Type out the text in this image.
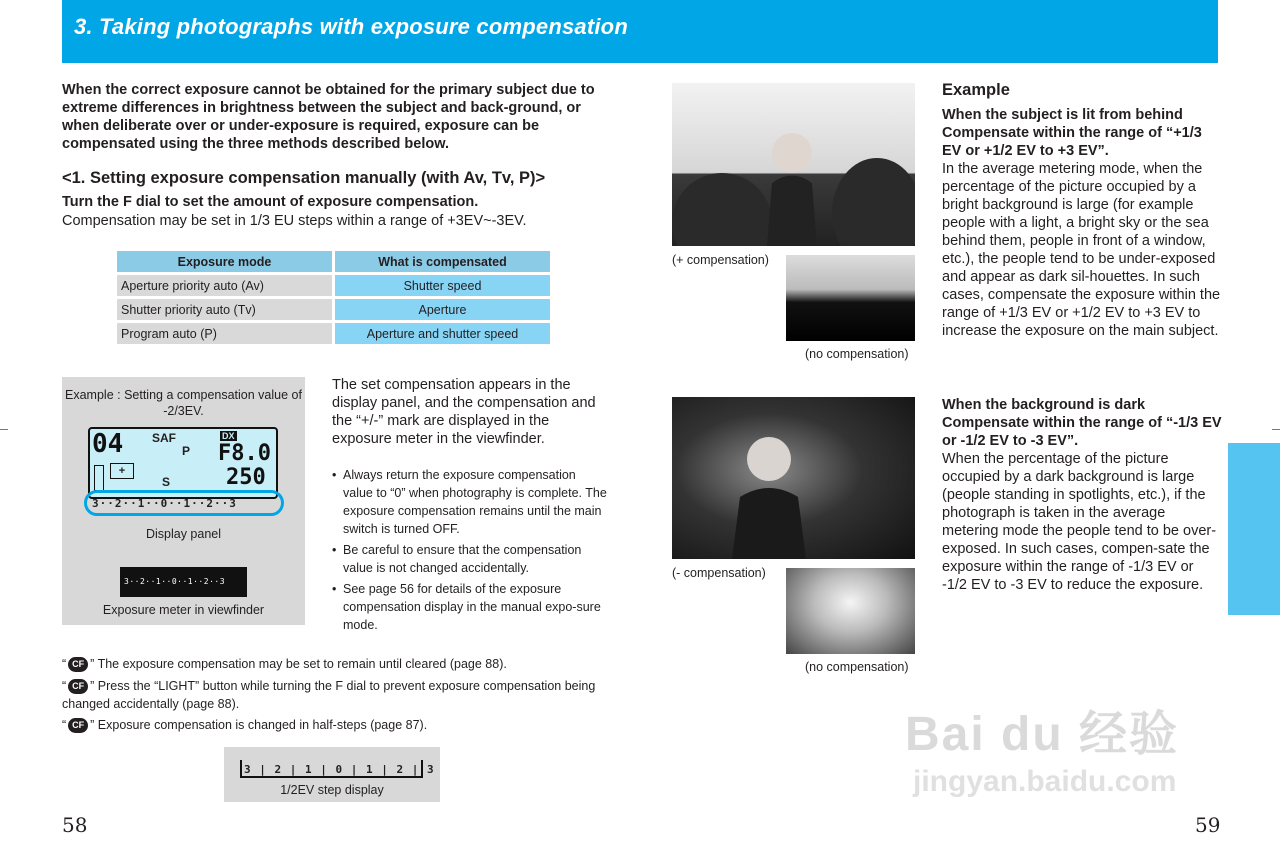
3. Taking photographs with exposure compensation
When the correct exposure cannot be obtained for the primary subject due to extreme differences in brightness between the subject and back-ground, or when deliberate over or under-exposure is required, exposure can be compensated using the three methods described below.
<1. Setting exposure compensation manually (with Av, Tv, P)>
Turn the F dial to set the amount of exposure compensation.
Compensation may be set in 1/3 EU steps within a range of +3EV~-3EV.
Exposure mode	What is compensated
Aperture priority auto (Av)	Shutter speed
Shutter priority auto (Tv)	Aperture
Program auto (P)	Aperture and shutter speed
Example : Setting a compensation value of -2/3EV.
04 SAF	DX
P F8.0
250
+
S
3··2··1··0··1··2··3
Display panel
3··2··1··0··1··2··3
Exposure meter in viewfinder
The set compensation appears in the display panel, and the compensation and the “+/-” mark are displayed in the exposure meter in the viewfinder.
• Always return the exposure compensation value to “0” when photography is complete. The exposure compensation remains until the main switch is turned OFF.
• Be careful to ensure that the compensation value is not changed accidentally.
• See page 56 for details of the exposure compensation display in the manual expo-sure mode.
“ CF ” The exposure compensation may be set to remain until cleared (page 88).
“ CF ” Press the “LIGHT” button while turning the F dial to prevent exposure compensation being changed accidentally (page 88).
“ CF ” Exposure compensation is changed in half-steps (page 87).
3 | 2 | 1 | 0 | 1 | 2 | 3
1/2EV step display
58	59
(+ compensation)
(no compensation)
(- compensation)
(no compensation)
Example
When the subject is lit from behind
Compensate within the range of “+1/3 EV or +1/2 EV to +3 EV”.
In the average metering mode, when the percentage of the picture occupied by a bright background is large (for example people with a light, a bright sky or the sea behind them, people in front of a window, etc.), the people tend to be under-exposed and appear as dark sil-houettes. In such cases, compensate the exposure within the range of +1/3 EV or +1/2 EV to +3 EV to increase the exposure on the main subject.
When the background is dark
Compensate within the range of “-1/3 EV or -1/2 EV to -3 EV”.
When the percentage of the picture occupied by a dark background is large (people standing in spotlights, etc.), if the photograph is taken in the average metering mode the people tend to be over-exposed. In such cases, compen-sate the exposure within the range of -1/3 EV or -1/2 EV to -3 EV to reduce the exposure.
Bai du 经验
jingyan.baidu.com
